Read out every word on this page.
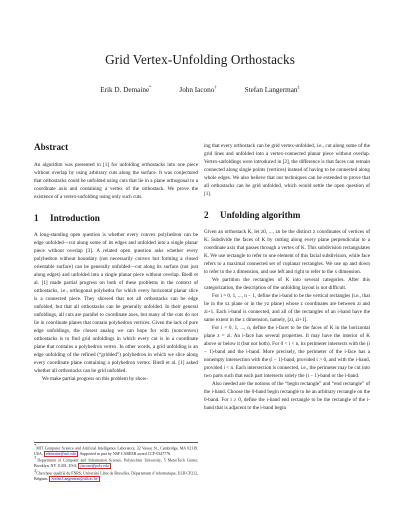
Grid Vertex-Unfolding Orthostacks
Erik D. Demaine*	John Iacono†	Stefan Langerman‡
Abstract

An algorithm was presented in [1] for unfolding orthostacks into one piece without overlap by using arbitrary cuts along the surface. It was conjectured that orthostacks could be unfolded using cuts that lie in a plane orthogonal to a coordinate axis and containing a vertex of the orthostack. We prove the existence of a vertex-unfolding using only such cuts.

1 Introduction

A long-standing open question is whether every convex polyhedron can be edge unfolded—cut along some of its edges and unfolded into a single planar piece without overlap [3]. A related open question asks whether every polyhedron without boundary (not necessarily convex but forming a closed orientable surface) can be generally unfolded—cut along its surface (not just along edges) and unfolded into a single planar piece without overlap. Biedl et al. [1] made partial progress on both of these problems in the context of orthostacks, i.e., orthogonal polyhedra for which every horizontal planar slice is a connected piece. They showed that not all orthostacks can be edge unfolded, but that all orthostacks can be generally unfolded. In their general unfoldings, all cuts are parallel to coordinate axes, but many of the cuts do not lie in coordinate planes that contain polyhedron vertices. Given the lack of pure edge unfoldings, the closest analog we can hope for with (nonconvex) orthostacks is to find grid unfoldings in which every cut is in a coordinate plane that contains a polyhedron vertex. In other words, a grid unfolding is an edge unfolding of the refined (“gridded”) polyhedron in which we slice along every coordinate plane containing a polyhedron vertex. Biedl et al. [1] asked whether all orthostacks can be grid unfolded.

We make partial progress on this problem by show-

*MIT Computer Science and Artificial Intelligence Laboratory, 32 Vassar St., Cambridge, MA 02139, USA, edemaine@mit.edu . Supported in part by NSF CAREER award CCF-0347776.
†Department of Computer and Information Science, Polytechnic University, 5 MetroTech Center, Brooklyn, NY 11201, USA, jiacono@poly.edu .
‡Chercheur qualifié du FNRS, Université Libre de Bruxelles, Département d’informatique, ULB CP212, Belgium. Stefan.Langerman@ulb.ac.be

ing that every orthostack can be grid vertex-unfolded, i.e., cut along some of the grid lines and unfolded into a vertex-connected planar piece without overlap. Vertex-unfoldings were introduced in [2], the difference is that faces can remain connected along single points (vertices) instead of having to be connected along whole edges. We also believe that our techniques can be extended to prove that all orthostacks can be grid unfolded, which would settle the open question of [1].

2 Unfolding algorithm

Given an orthostack K, let z0, ..., zn be the distinct z coordinates of vertices of K. Subdivide the faces of K by cutting along every plane perpendicular to a coordinate axis that passes through a vertex of K. This subdivision rectangulates K. We use rectangle to refer to one element of this facial subdivision, while face refers to a maximal connected set of coplanar rectangles. We use up and down to refer to the z dimension, and use left and right to refer to the x dimension.

We partition the rectangles of K into several categories. After this categorization, the description of the unfolding layout is not difficult.

For i = 0, 1, ..., n − 1, define the i-band to be the vertical rectangles (i.e., that lie in the xz plane or in the yz plane) whose z coordinates are between zi and zi+1. Each i-band is connected, and all of the rectangles of an i-band have the same extent in the z dimension, namely, [zi, zi+1].

For i = 0, 1, ..., n, define the i-facet to be the faces of K in the horizontal plane z = zi. An i-face has several properties. It may have the interior of K above or below it (but not both). For 0 < i < n, its perimeter intersects with the (i − 1)-band and the i-band. More precisely, the perimeter of the i-face has a nonempty intersection with the (i − 1)-band, provided i > 0, and with the i-band, provided i < n. Each intersection is connected, i.e., the perimeter may be cut into two parts such that each part intersects solely the (i − 1)-band or the i-band.

Also needed are the notions of the “begin rectangle” and “end rectangle” of the i-band. Choose the 0-band begin rectangle to be an arbitrary rectangle on the 0-band. For i ≥ 0, define the i-band end rectangle to be the rectangle of the i-band that is adjacent to the i-band begin
